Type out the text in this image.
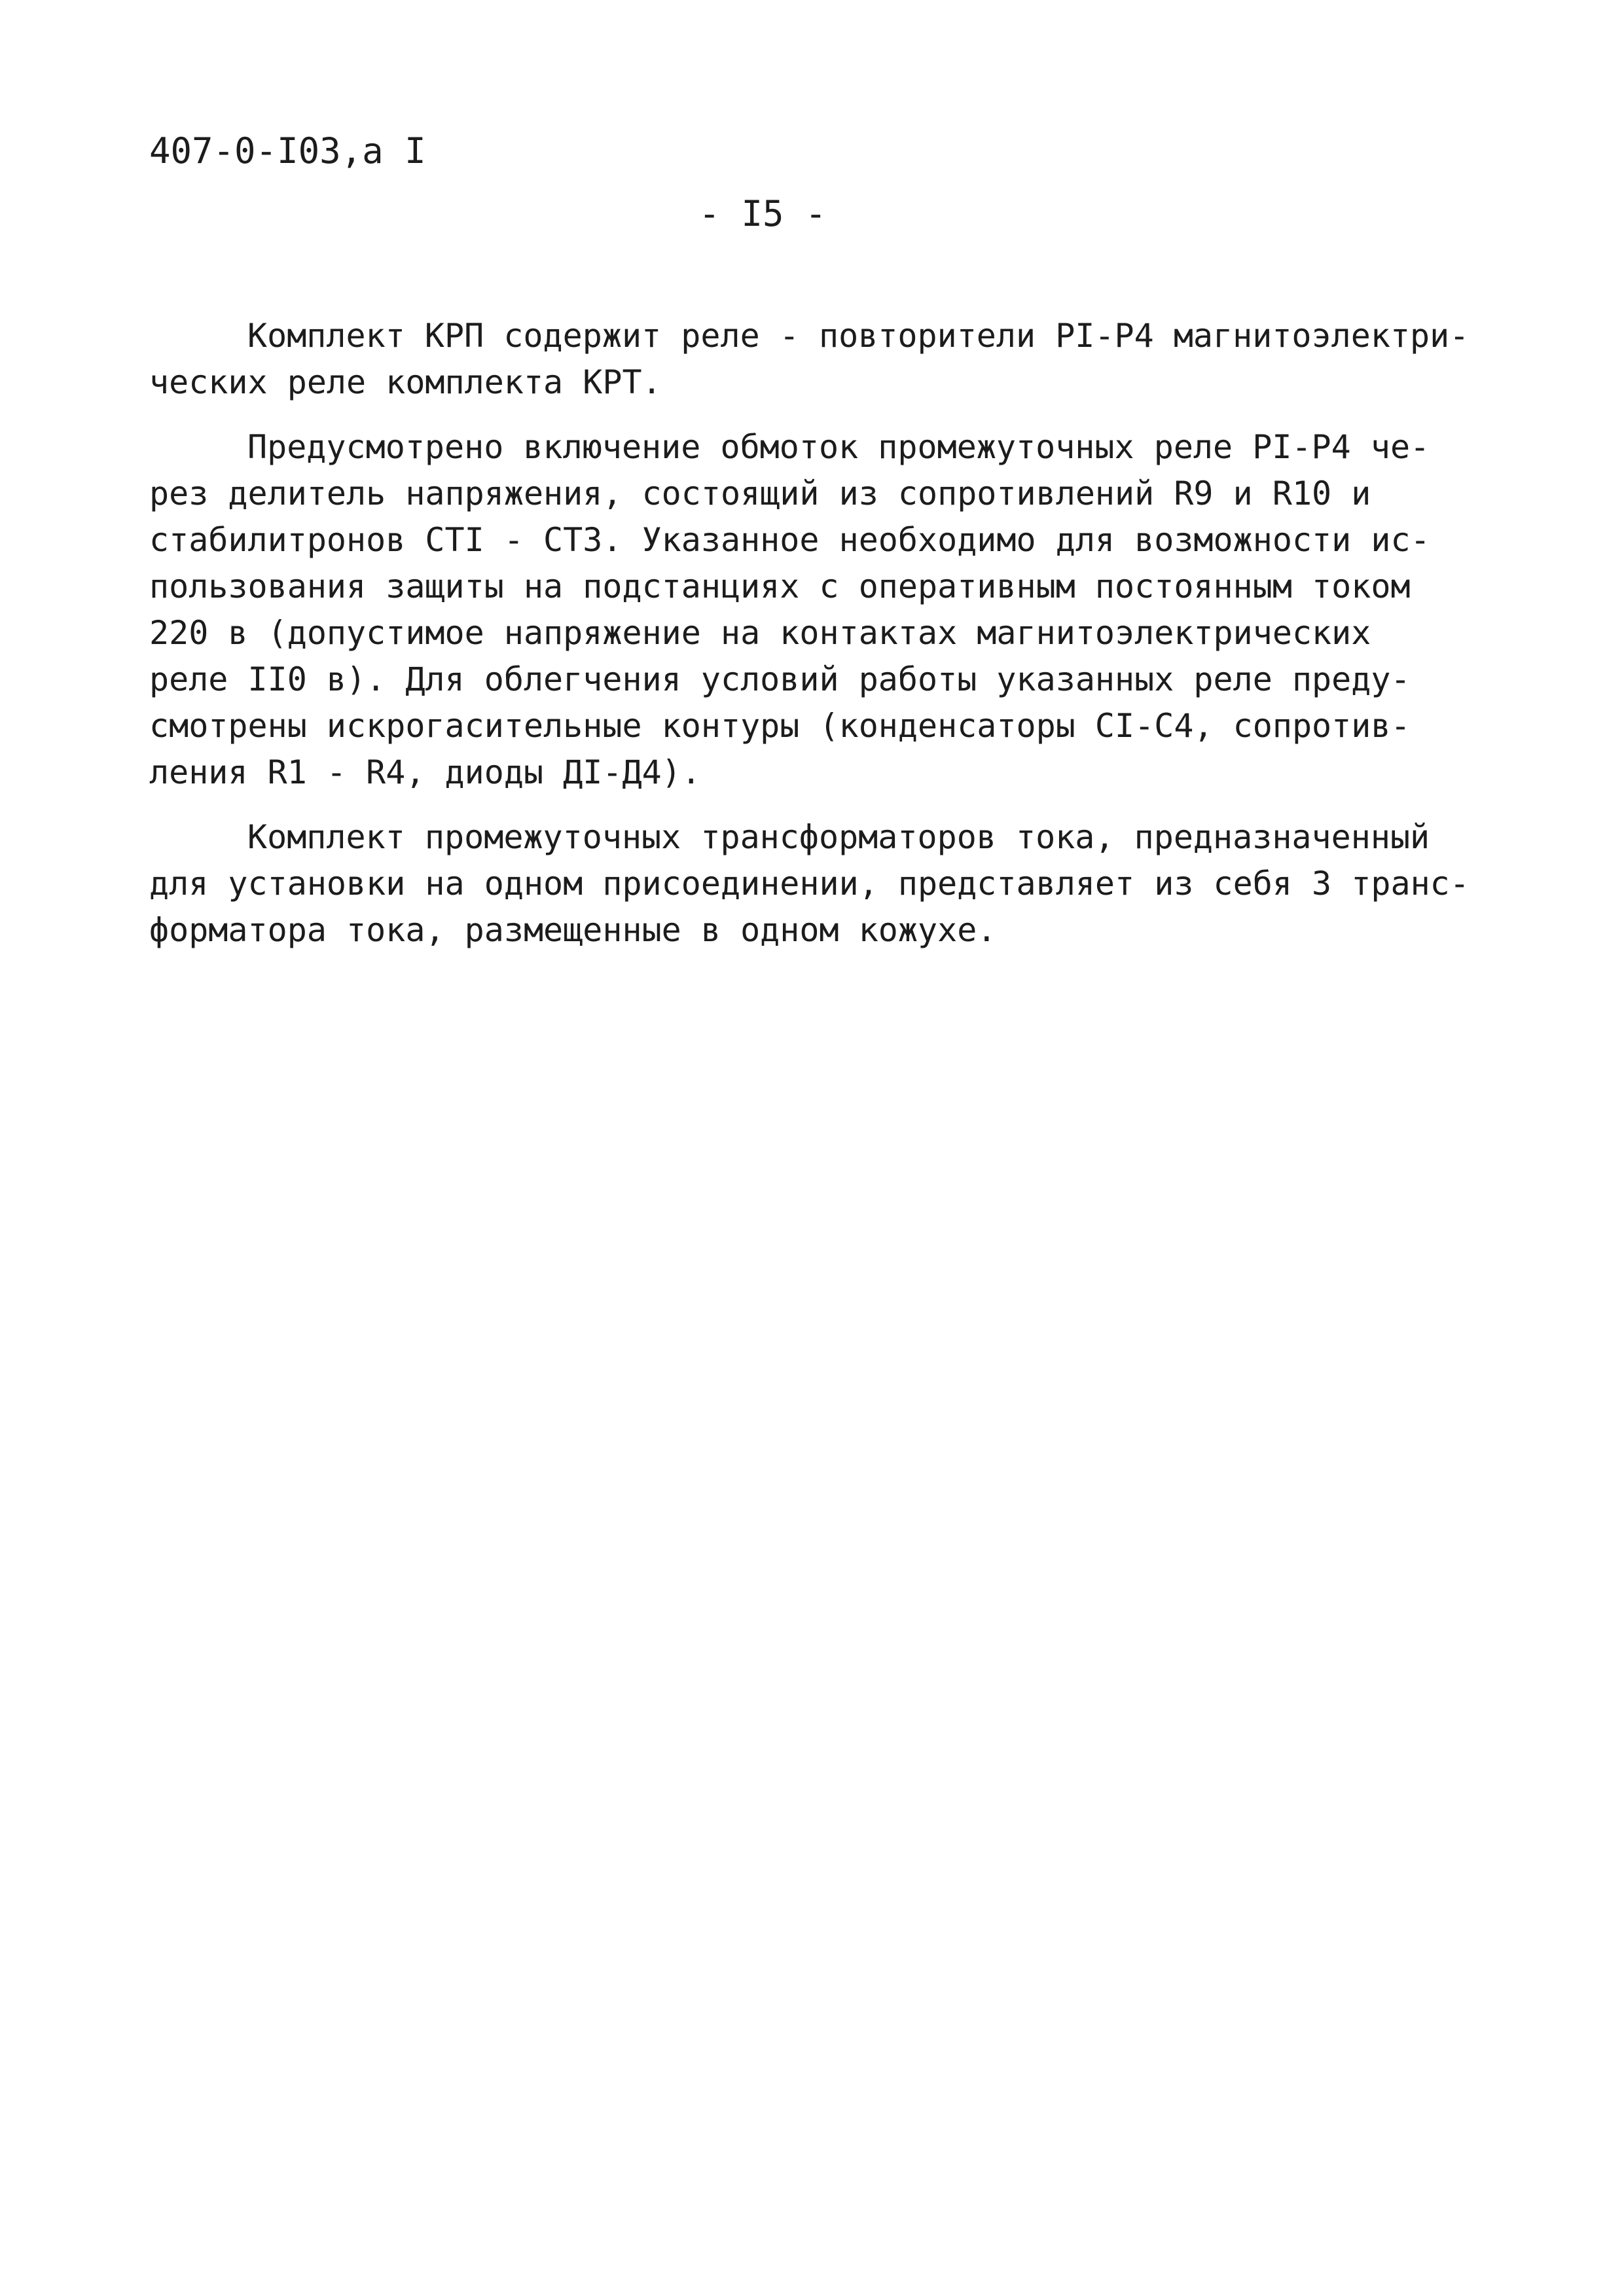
407-0-I03,а I
- I5 -
Комплект КРП содержит реле - повторители РI-Р4 магнитоэлектри-
ческих реле комплекта КРТ.
Предусмотрено включение обмоток промежуточных реле РI-Р4 че-
рез делитель напряжения, состоящий из сопротивлений R9 и R10 и
стабилитронов СТI - СТЗ. Указанное необходимо для возможности ис-
пользования защиты на подстанциях с оперативным постоянным током
220 в (допустимое напряжение на контактах магнитоэлектрических
реле II0 в). Для облегчения условий работы указанных реле преду-
смотрены искрогасительные контуры (конденсаторы СI-С4, сопротив-
ления R1 - R4, диоды ДI-Д4).
Комплект промежуточных трансформаторов тока, предназначенный
для установки на одном присоединении, представляет из себя 3 транс-
форматора тока, размещенные в одном кожухе.
